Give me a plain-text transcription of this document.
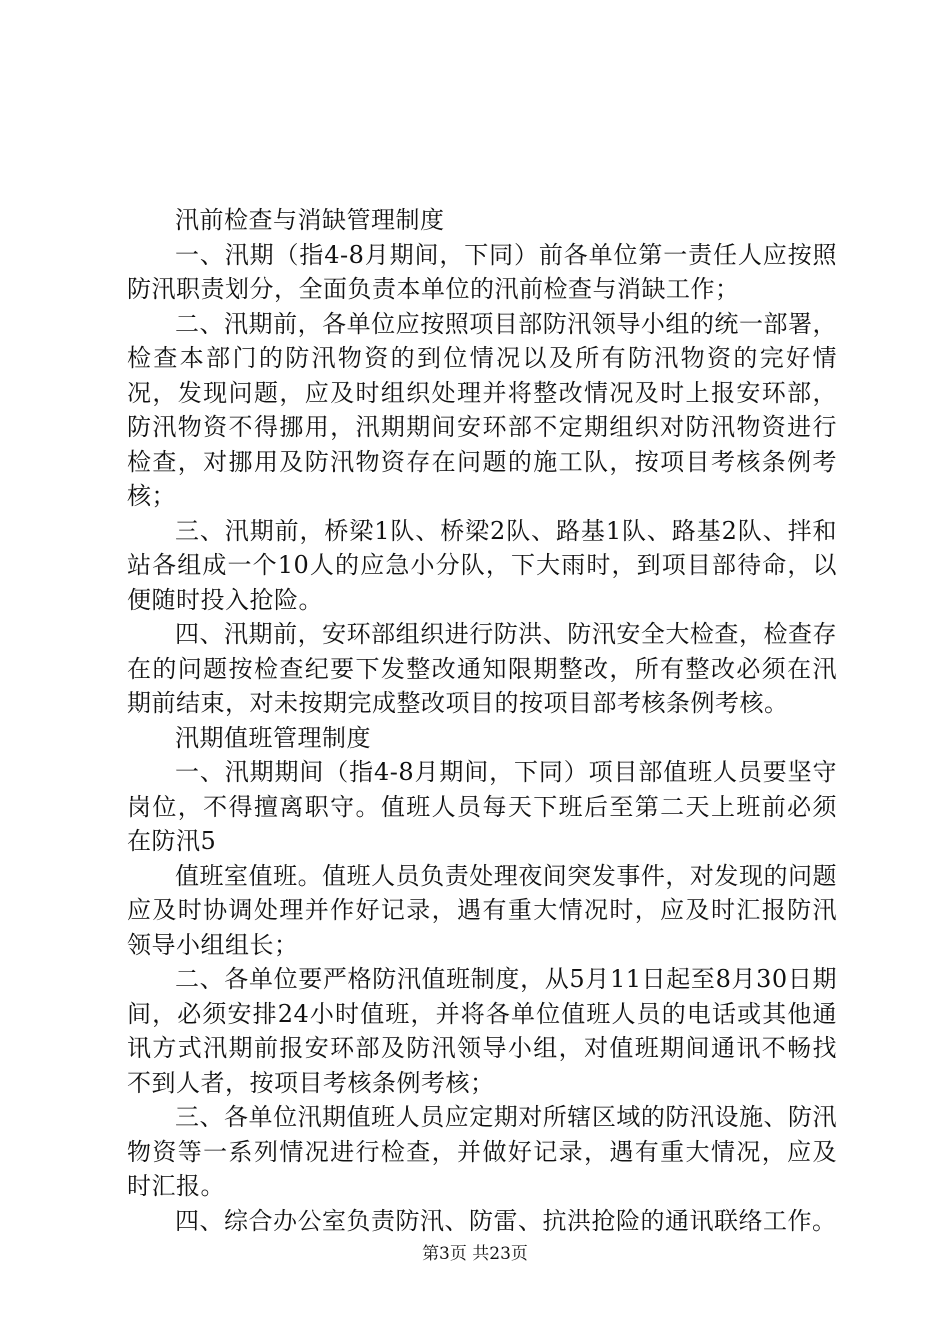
汛前检查与消缺管理制度

一、汛期（指4-8月期间，下同）前各单位第一责任人应按照防汛职责划分，全面负责本单位的汛前检查与消缺工作；

二、汛期前，各单位应按照项目部防汛领导小组的统一部署，检查本部门的防汛物资的到位情况以及所有防汛物资的完好情况，发现问题，应及时组织处理并将整改情况及时上报安环部，防汛物资不得挪用，汛期期间安环部不定期组织对防汛物资进行检查，对挪用及防汛物资存在问题的施工队，按项目考核条例考核；

三、汛期前，桥梁1队、桥梁2队、路基1队、路基2队、拌和站各组成一个10人的应急小分队，下大雨时，到项目部待命，以便随时投入抢险。

四、汛期前，安环部组织进行防洪、防汛安全大检查，检查存在的问题按检查纪要下发整改通知限期整改，所有整改必须在汛期前结束，对未按期完成整改项目的按项目部考核条例考核。

汛期值班管理制度

一、汛期期间（指4-8月期间，下同）项目部值班人员要坚守岗位，不得擅离职守。值班人员每天下班后至第二天上班前必须在防汛5

值班室值班。值班人员负责处理夜间突发事件，对发现的问题应及时协调处理并作好记录，遇有重大情况时，应及时汇报防汛领导小组组长；

二、各单位要严格防汛值班制度，从5月11日起至8月30日期间，必须安排24小时值班，并将各单位值班人员的电话或其他通讯方式汛期前报安环部及防汛领导小组，对值班期间通讯不畅找不到人者，按项目考核条例考核；

三、各单位汛期值班人员应定期对所辖区域的防汛设施、防汛物资等一系列情况进行检查，并做好记录，遇有重大情况，应及时汇报。

四、综合办公室负责防汛、防雷、抗洪抢险的通讯联络工作。

第3页 共23页
